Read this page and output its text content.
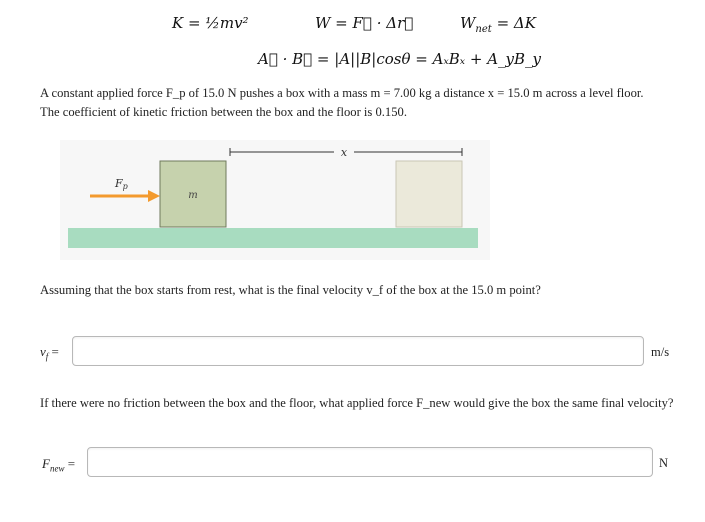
K = ½mv²	W = F⃗ · Δr⃗	$W_{net} = \Delta K$
A⃗ · B⃗ = |A||B|cosθ = AₓBₓ + A_yB_y
A constant applied force F_p of 15.0 N pushes a box with a mass m = 7.00 kg a distance x = 15.0 m across a level floor.
The coefficient of kinetic friction between the box and the floor is 0.150.
x
m
Fp
Assuming that the box starts from rest, what is the final velocity v_f of the box at the 15.0 m point?
$v_f$ =	m/s
If there were no friction between the box and the floor, what applied force F_new would give the box the same final velocity?
$F_{new}$ =	N
